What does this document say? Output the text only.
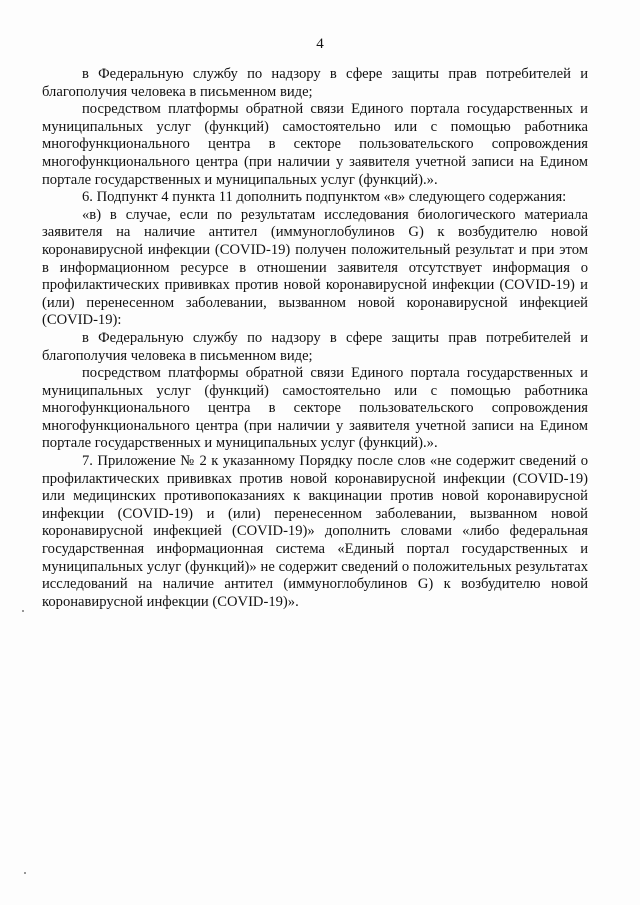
4

в Федеральную службу по надзору в сфере защиты прав потребителей и благополучия человека в письменном виде;

посредством платформы обратной связи Единого портала государственных и муниципальных услуг (функций) самостоятельно или с помощью работника многофункционального центра в секторе пользовательского сопровождения многофункционального центра (при наличии у заявителя учетной записи на Едином портале государственных и муниципальных услуг (функций).».

6. Подпункт 4 пункта 11 дополнить подпунктом «в» следующего содержания:

«в) в случае, если по результатам исследования биологического материала заявителя на наличие антител (иммуноглобулинов G) к возбудителю новой коронавирусной инфекции (COVID-19) получен положительный результат и при этом в информационном ресурсе в отношении заявителя отсутствует информация о профилактических прививках против новой коронавирусной инфекции (COVID-19) и (или) перенесенном заболевании, вызванном новой коронавирусной инфекцией (COVID-19):

в Федеральную службу по надзору в сфере защиты прав потребителей и благополучия человека в письменном виде;

посредством платформы обратной связи Единого портала государственных и муниципальных услуг (функций) самостоятельно или с помощью работника многофункционального центра в секторе пользовательского сопровождения многофункционального центра (при наличии у заявителя учетной записи на Едином портале государственных и муниципальных услуг (функций).».

7. Приложение № 2 к указанному Порядку после слов «не содержит сведений о профилактических прививках против новой коронавирусной инфекции (COVID-19) или медицинских противопоказаниях к вакцинации против новой коронавирусной инфекции (COVID-19) и (или) перенесенном заболевании, вызванном новой коронавирусной инфекцией (COVID-19)» дополнить словами «либо федеральная государственная информационная система «Единый портал государственных и муниципальных услуг (функций)» не содержит сведений о положительных результатах исследований на наличие антител (иммуноглобулинов G) к возбудителю новой коронавирусной инфекции (COVID-19)».
